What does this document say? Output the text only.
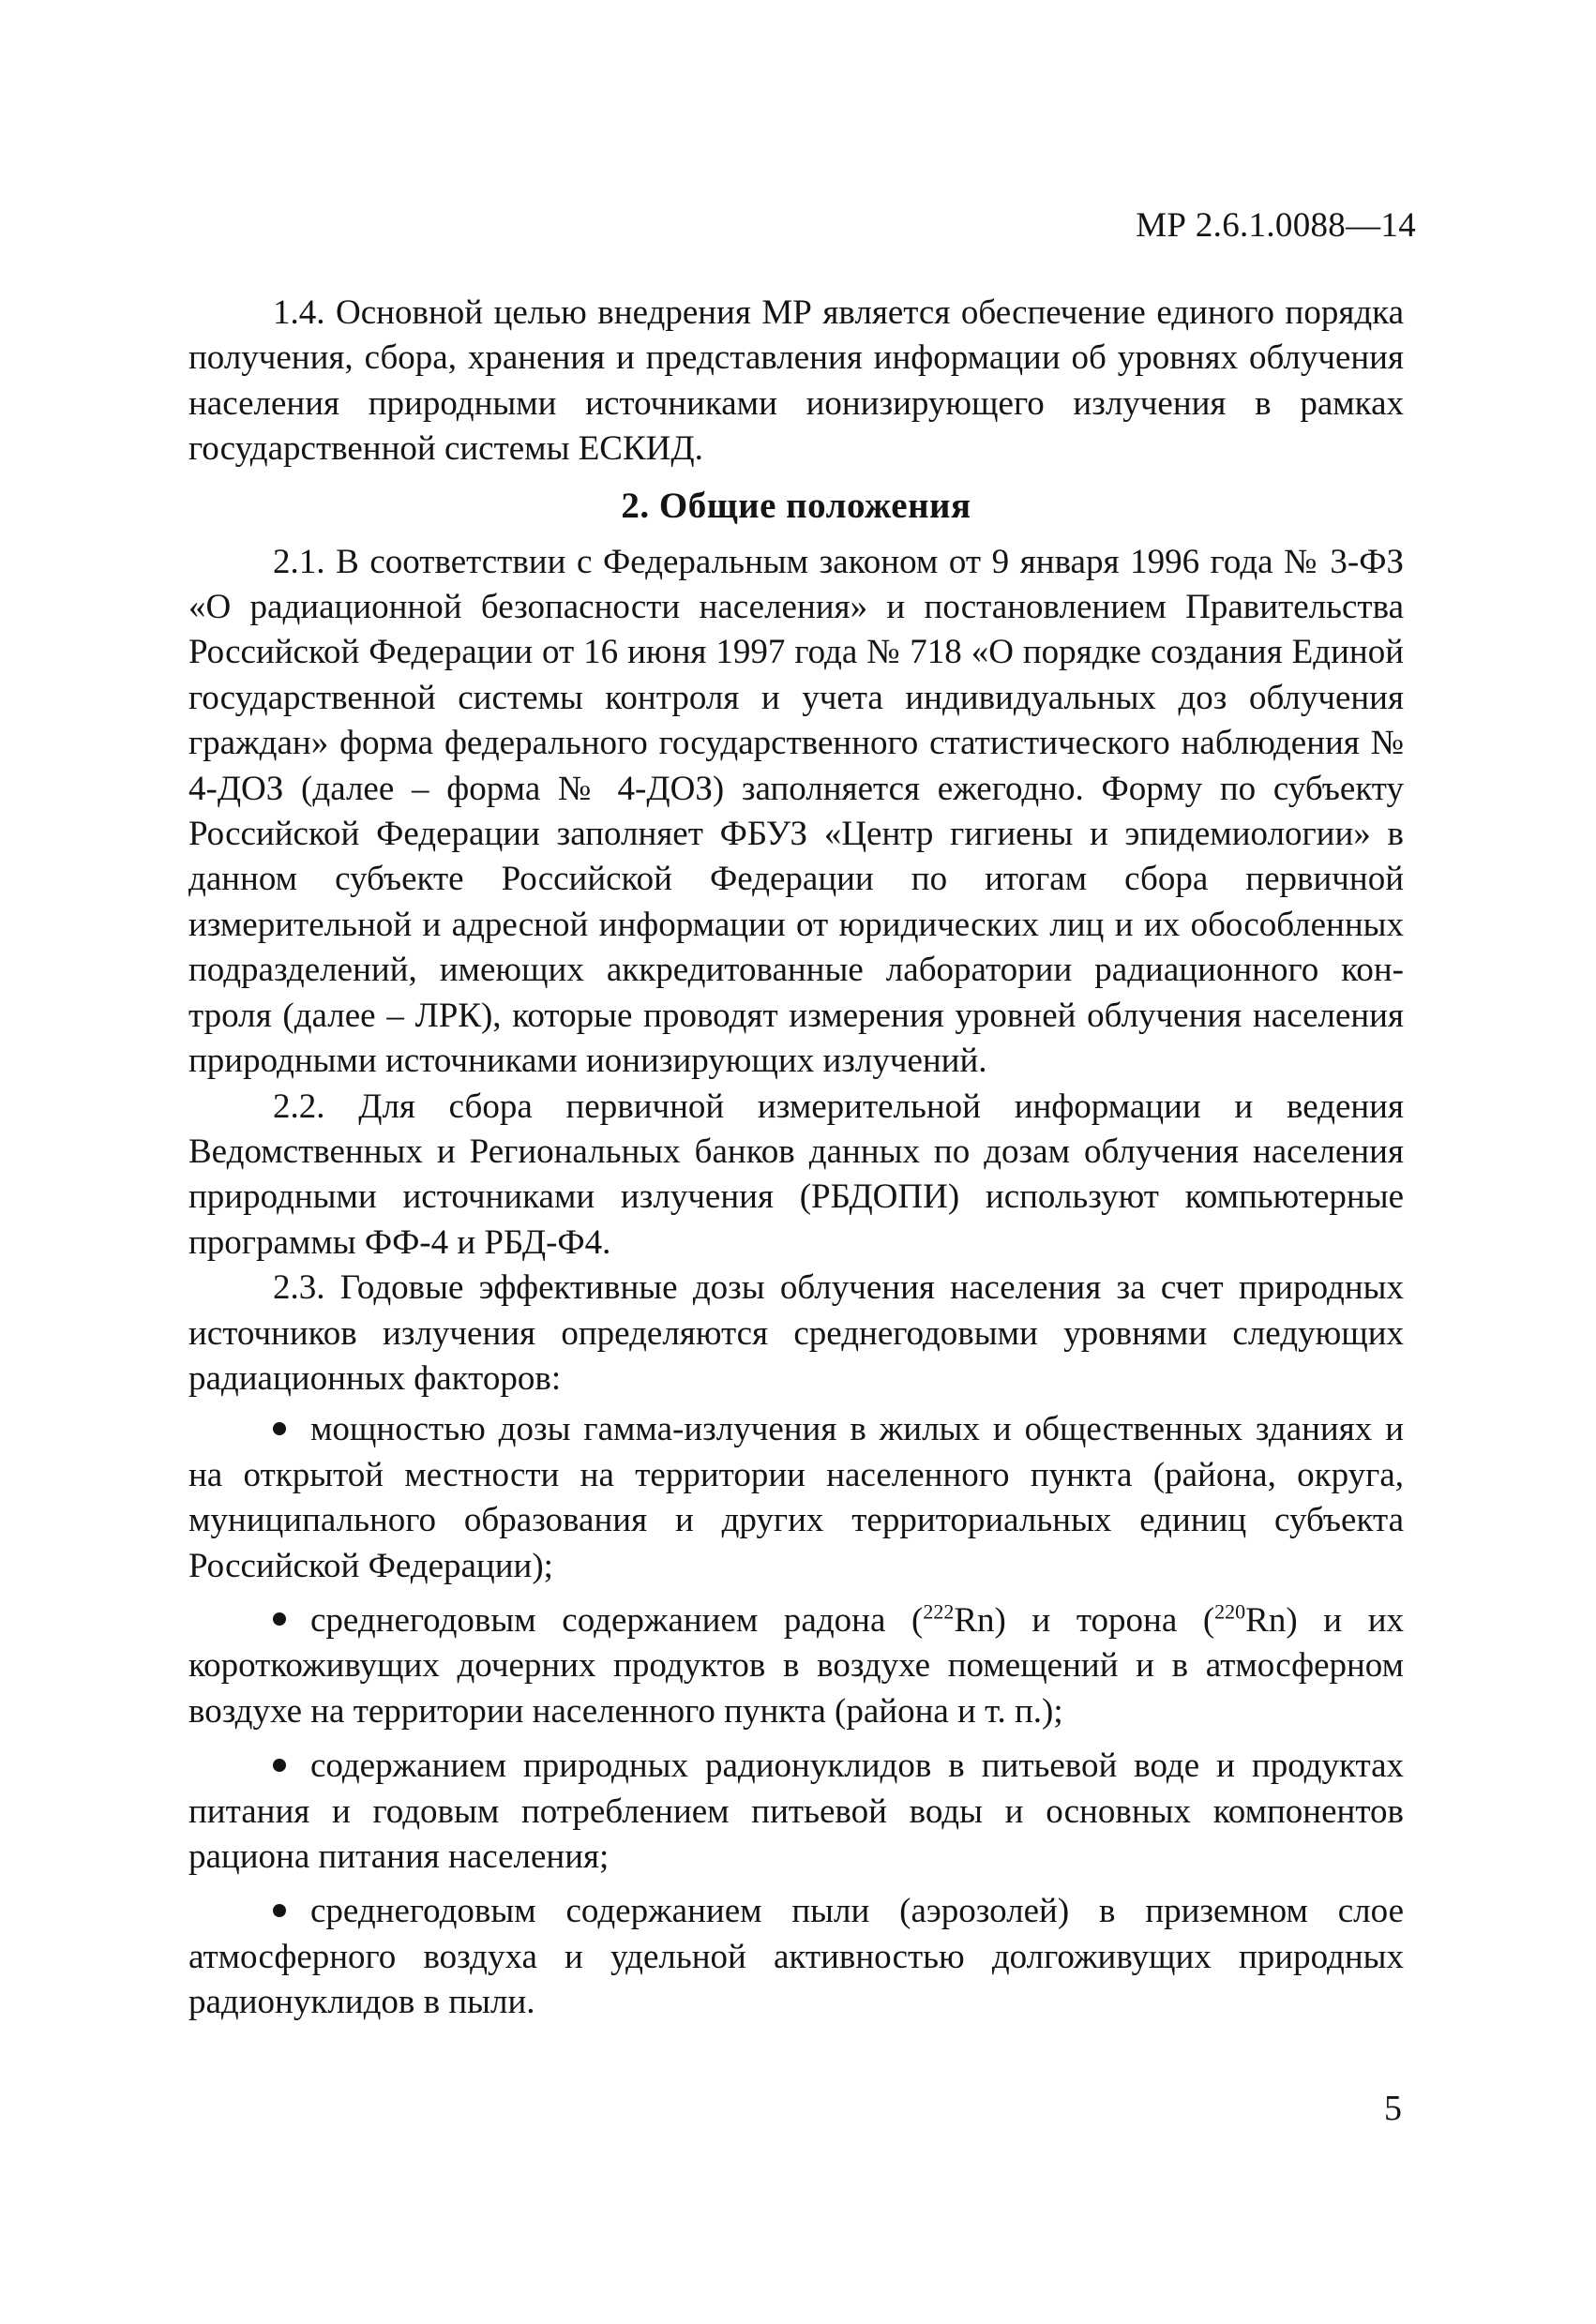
МР 2.6.1.0088—14

1.4. Основной целью внедрения МР является обеспечение единого порядка получения, сбора, хранения и представления информации об уровнях облучения населения природными источниками ионизирующего излучения в рамках государственной системы ЕСКИД.

2. Общие положения

2.1. В соответствии с Федеральным законом от 9 января 1996 года № 3-ФЗ «О радиационной безопасности населения» и постановлением Правительства Российской Федерации от 16 июня 1997 года № 718 «О порядке создания Единой государственной системы контроля и учета индивидуальных доз облучения граждан» форма федерального государственного статистического наблюдения № 4-ДОЗ (далее – форма № 4-ДОЗ) заполняется ежегодно. Форму по субъекту Российской Федерации заполняет ФБУЗ «Центр гигиены и эпидемиологии» в данном субъекте Российской Федерации по итогам сбора первичной измерительной и адресной информации от юридических лиц и их обособленных подразделений, имеющих аккредитованные лаборатории радиационного контроля (далее – ЛРК), которые проводят измерения уровней облучения населения природными источниками ионизирующих излучений.

2.2. Для сбора первичной измерительной информации и ведения Ведомственных и Региональных банков данных по дозам облучения населения природными источниками излучения (РБДОПИ) используют компьютерные программы ФФ-4 и РБД-Ф4.

2.3. Годовые эффективные дозы облучения населения за счет природных источников излучения определяются среднегодовыми уровнями следующих радиационных факторов:

мощностью дозы гамма-излучения в жилых и общественных зданиях и на открытой местности на территории населенного пункта (района, округа, муниципального образования и других территориальных единиц субъекта Российской Федерации);
среднегодовым содержанием радона ($^{222}$Rn) и торона ($^{220}$Rn) и их короткоживущих дочерних продуктов в воздухе помещений и в атмосферном воздухе на территории населенного пункта (района и т. п.);
содержанием природных радионуклидов в питьевой воде и продуктах питания и годовым потреблением питьевой воды и основных компонентов рациона питания населения;
среднегодовым содержанием пыли (аэрозолей) в приземном слое атмосферного воздуха и удельной активностью долгоживущих природных радионуклидов в пыли.
5
